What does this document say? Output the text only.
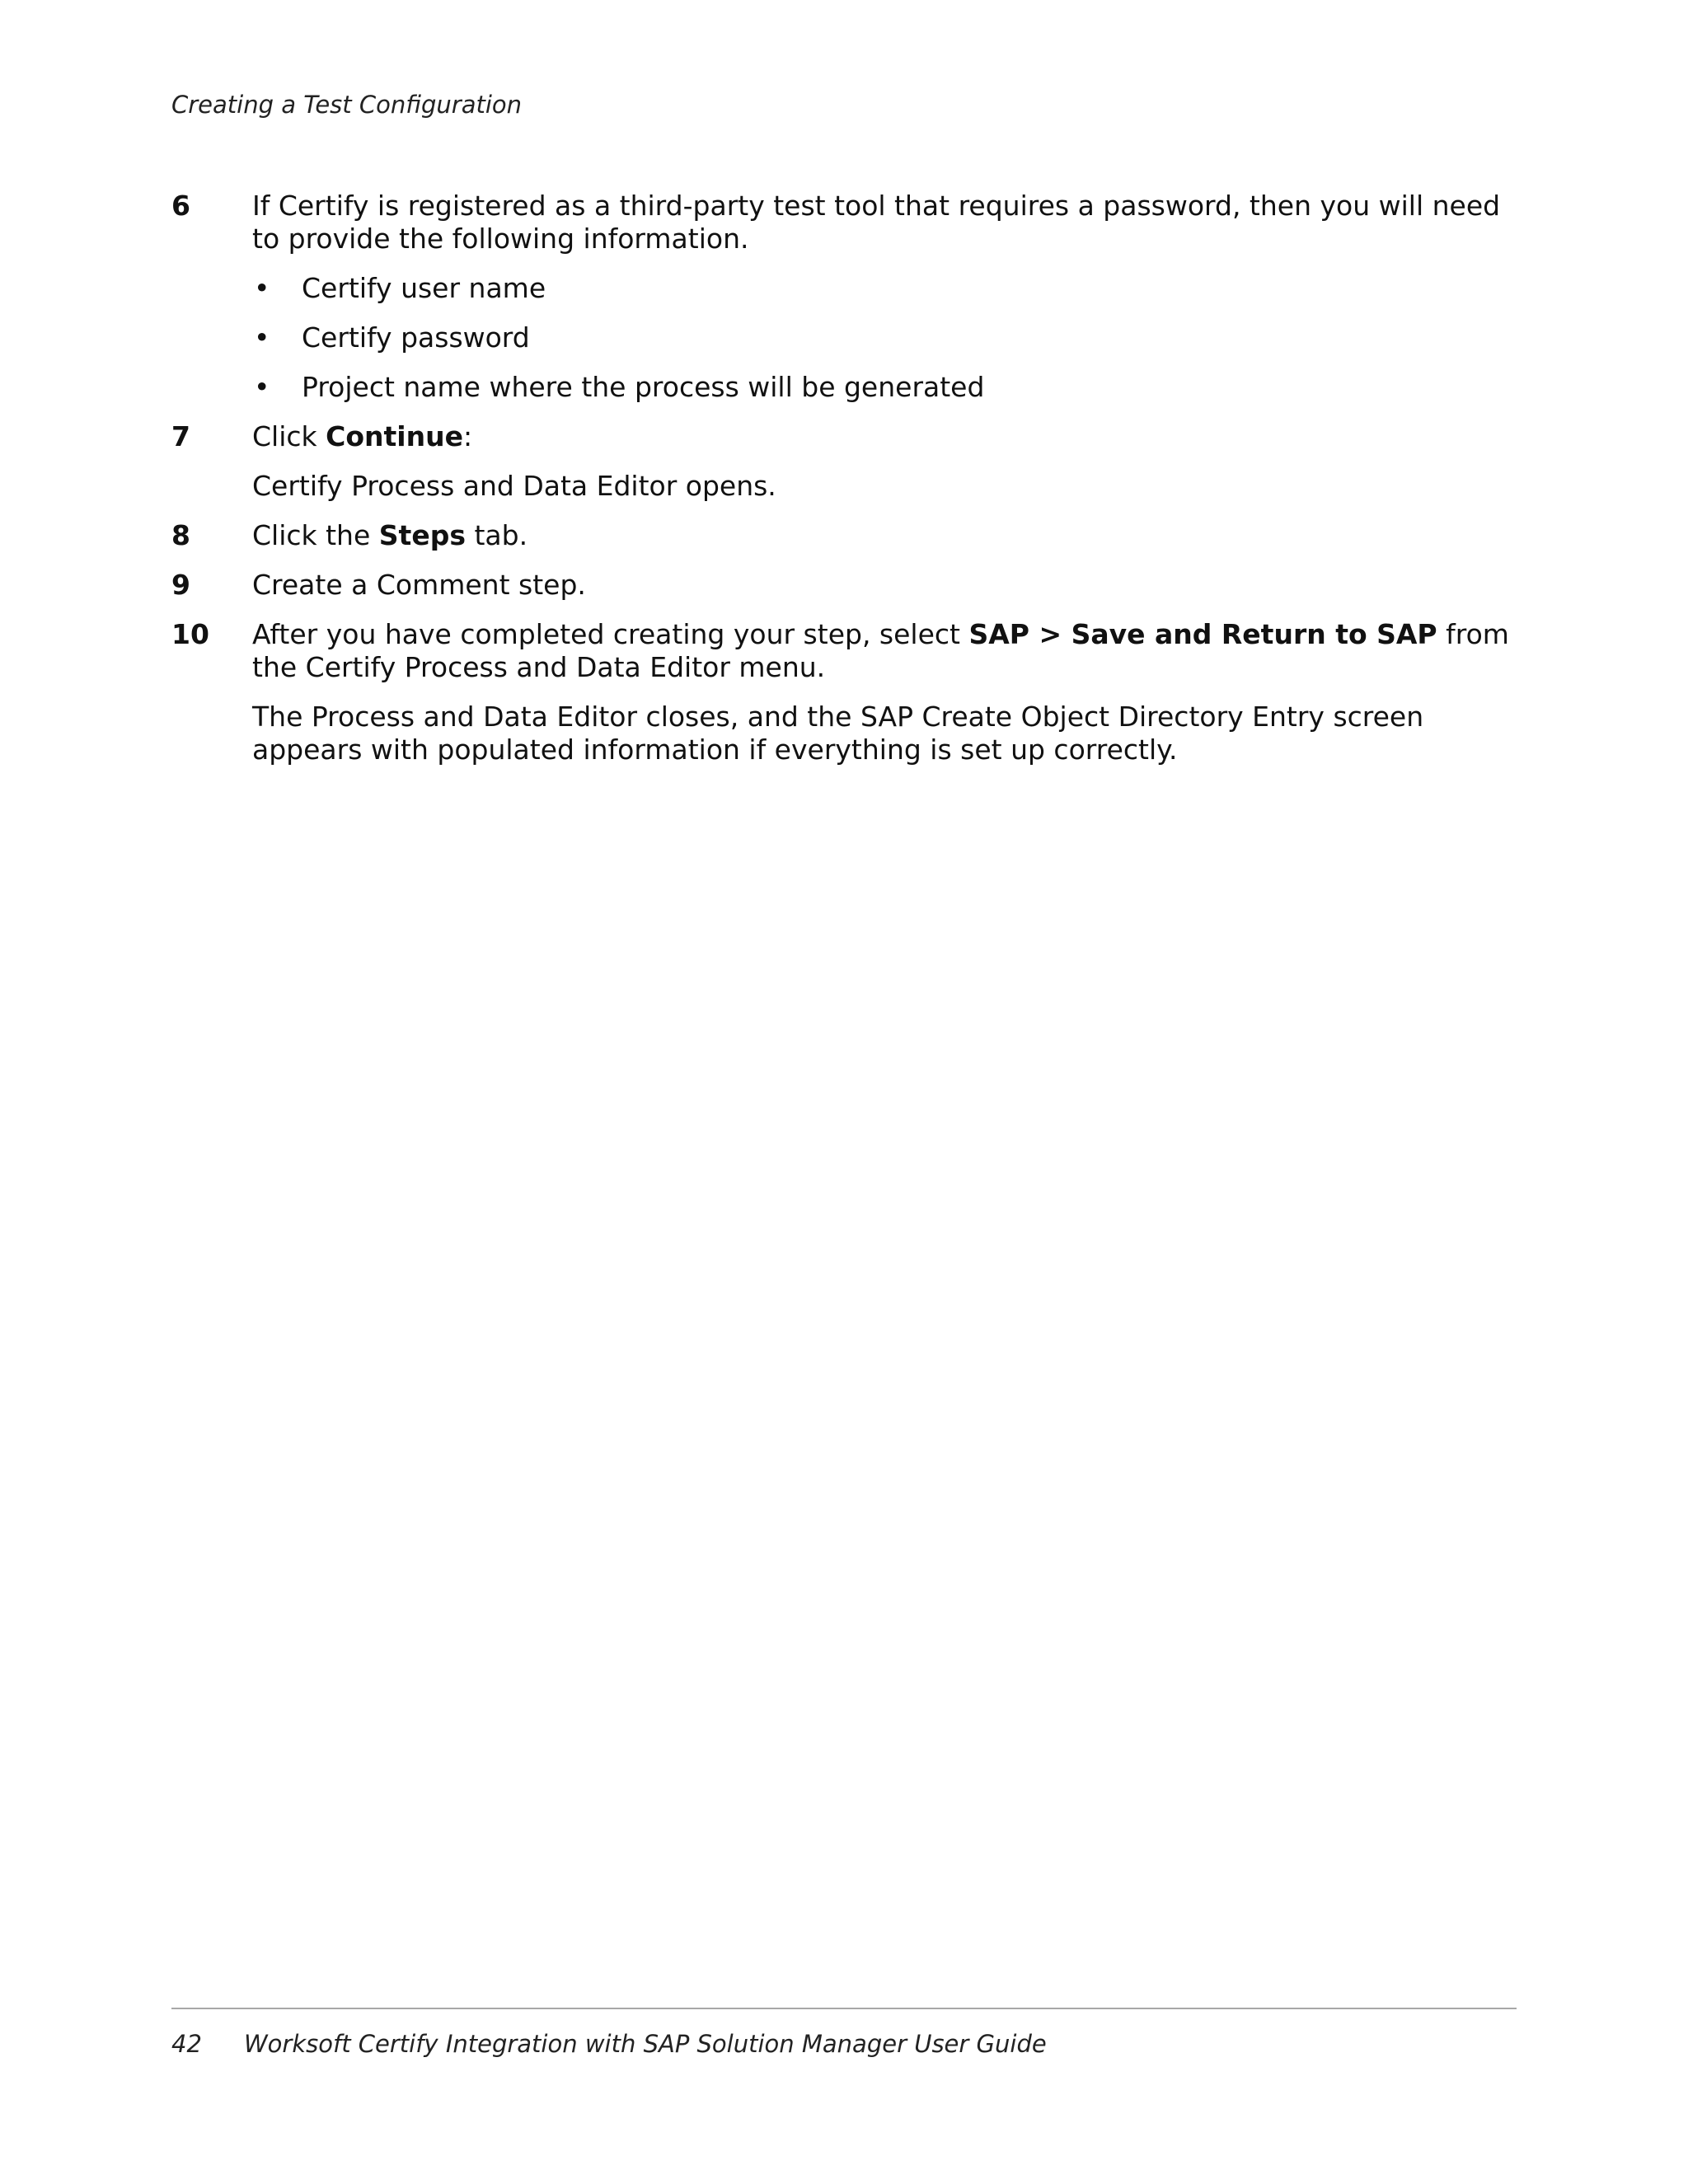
Creating a Test Configuration
6 If Certify is registered as a third-party test tool that requires a password, then you will need to provide the following information.

• Certify user name
• Certify password
• Project name where the process will be generated
7 Click Continue:

Certify Process and Data Editor opens.

8 Click the Steps tab.

9 Create a Comment step.

10 After you have completed creating your step, select SAP > Save and Return to SAP from the Certify Process and Data Editor menu.

The Process and Data Editor closes, and the SAP Create Object Directory Entry screen appears with populated information if everything is set up correctly.

42 Worksoft Certify Integration with SAP Solution Manager User Guide
